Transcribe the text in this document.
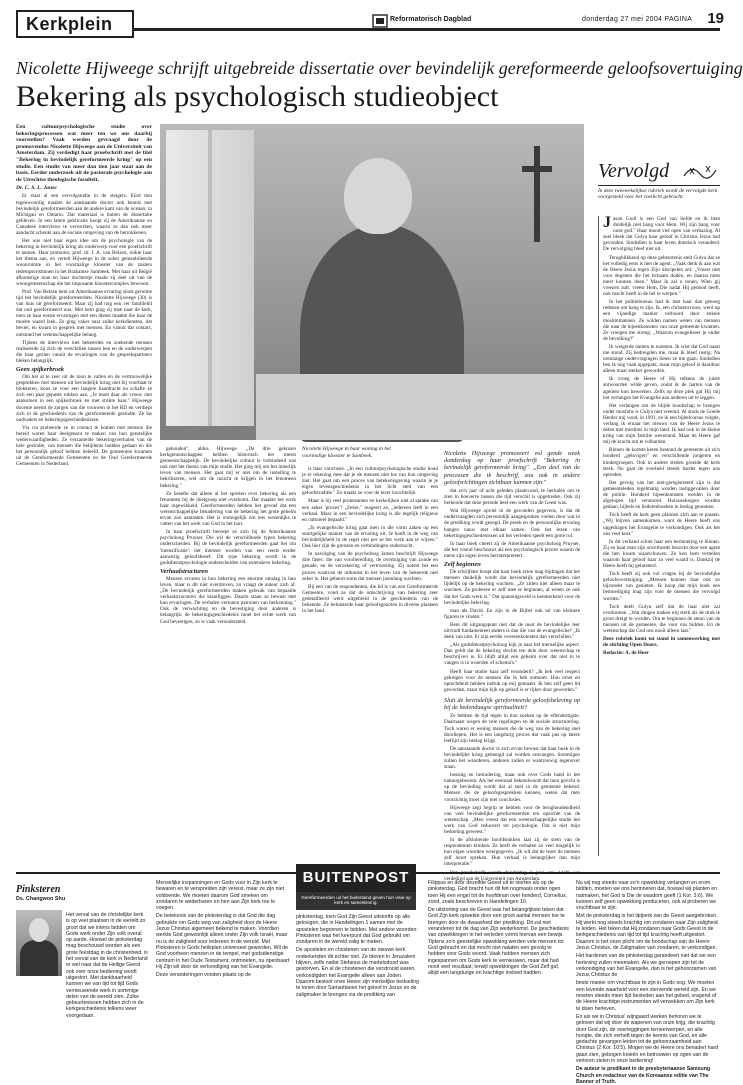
Kerkplein	Reformatorisch Dagblad	donderdag 27 mei 2004 PAGINA	19
Nicolette Hijweege schrijft uitgebreide dissertatie over bevindelijk gereformeerde geloofsovertuiging
Bekering als psychologisch studieobject

Een cultuurpsychologische studie over bekeringsprocessen wat meer ten we ons daarbij voorstellen? Vaak werden gevraagd door de promovendus Nicolette Hijweege aan de Universiteit van Amsterdam. Zij verdedigt haar proefschrift met de titel "Bekering in bevindelijk gereformeerde kring" op een studie. Een studie van meer dan tien jaar staat aan de basis. Eerder onderzoek uit de pastorale psychologie aan de Utrechtse theologische faculteit.

Dr. C. S. L. Janse

Er staat al een vervolgstudie in de steigers. Eind tien tegenwoordig maakte de aanstaande doctor ook kennis met bevindelijk gereformeerden aan de andere kant van de oceaan: in Michigan en Ontario. Dat materiaal is buiten de dissertatie gebleven. In een latere publicatie hoopt zij de Amerikaanse en Canadese interviews te verwerken, waarin ze dan ook meer aandacht schenkt aan de sociale omgeving van de betrokkenen.

Het was niet haar eigen idee om de psychologie van de bekering in bevindelijk kring als onderwerp voor een proefschrift te nemen. Haar promotor, prof. dr. J. A. van Belzen, reikte haar het thema aan, en vertelt Hijweege in de sober gemeubileerde woonruimte in het voormalige klooster van de zusters redemptoristinnen in het Brabantse Sambeek. Met haar uit België afkomstige man en haar dochtertje maakt zij deel uit van de woongemeenschap die het imposante kloostercomplex bewoont.

Prof. Van Belzen kent uit Amerikaanse ervaring sinds geruime tijd het bevindelijk gereformeerden. Nicolette Hijweege (30) is van huis uit gereformeerd. Maar zij had nog een ver familielid dat oud gereformeerd was. Met hem ging zij mee naar de kerk, toen ze haar eerste ervaringen met een dienst maakte die haar de moeite waard leek. Ze ging vaker naar zulke kerkdiensten, dat beviel, en kwam in gesprek met mensen. En vanuit dat contact, ontstond het wetenschappelijke belang.

Tijdens de interviews met bekeerden en zoekende mensen realiseerde zij zich de verschillen tussen hen en de onderwerpen die haar gezien vanuit de ervaringen van de gesprekspartners bleken belangrijk.

Geen spijkerbroek

Om het al te zeer uit de toon te vallen en de vertrouwelijke gesprekken met mensen uit bevindelijk kring niet bij voorbaat te blokkeren, koos ze voor een langere haardracht en schafte ze zich een paar gepaste rokken aan. „Je moet daar als vrouw niet aankomen in een spijkerbroek en met strikte haar." Hijweege docente neemt de zorgen van die vrouwen in het RD en verdiept zich in de geschiedenis van de gereformeerde gezindte. Ze las oudvaders en bekeringsgeschiedenissen.

Via via probeerde ze in contact te komen met mensen die bereid waren haar deelgenoot te maken van hun geestelijke wederwaardigheden. Ze verzamelde bekeringsverhalen van de hele gezindte, van mensen die belijdenis hadden gedaan en die het persoonlijk geloof hebben beleefd. De gemeenten kwamen uit de Gereformeerde Gemeenten en de Oud Gereformeerde Gemeenten in Nederland.

gehouden", aldus Hijweege. „De drie gekozen kerkgenootschappen hebben historisch het meest gemeenschappelijk. De bevindelijke cultuur is verbindend wat ook met het thema van mijn studie. Het ging mij om het innerlijk leven van mensen. Het gaat mij er niet om de instelling te bekritiseren, wel om de inzicht te krijgen in het fenomeen bekering."

Ze besefte dat alleen al het spreken over bekering als een fenomeen bij de doelgroep niet overkomt. Dat maakte het werk haar ingewikkeld. Gereformeerden hebben het gevoel dat een wetenschappelijke benadering van de bekering het grote geheim ervan zou aantasten. Het is onmogelijk om iets wezenlijks te vatten van het werk van God in het hart.

In haar proefschrift beroept ze zich bij de Amerikaanse psycholoog Pruyser. Die wil de verschillende typen bekering onderscheiden. Bij de bevindelijk gereformeerden gaat het om 'intensificatie': het intenser worden van een reeds eerder aanwezig geloofsbesef. Dit type bekering wordt in de godsdienstpsychologie onderscheiden van extensieve bekering.

Verhaalstructuren

Mensen ervaren in hun bekering een enorme omslag in hun leven, maar is dit niet overdreven, zo vraagt de auteur zich af. „De bevindelijk gereformeerden maken gebruik van bepaalde verhaalstructuren die klaarliggen. Daarin staan ze bewust met hun ervaringen. De verhalen vertonen patronen van herkenning." Ook de verwachting en de bevestiging door anderen is belangrijk: de bekeringsgeschiedenis moet het echte werk van God bevestigen, zo is vaak verondersteld.

is haar conclusie. „In een cultuurpsychologische studie houd je er rekening mee dat je de mensen niet los van hun omgeving ziet. Het gaat om een proces van betekenisgeving waarin je je eigen levensgeschiedenis in het licht stelt van een geloofstraditie." Zo maakt ze voor de lezer inzichtelijk.

Maar is bij veel protestanten en kerkelijken niet al sprake van een zeker 'proces'? „Zeker," reageert ze, „iedereen leeft in een verhaal. Maar in een bevindelijke kring is die tegelijk religieus en cultureel bepaald."

„In evangelische kring gaat men in die vorm zaken op een soortgelijke manier van de ervaring uit. Je hoeft in de weg van bevindelijkheid in de regel niet per se het werk aan te wijzen." Ook hier zijn de grenzen en verbindingen onderzocht.

In navolging van de psycholoog James beschrijft Hijweege drie fases: die van voorbereiding, de overtuiging van zonde en genade, en de verzekering of vertroosting. Zij noemt het een proces waarvan de uitkomst in het leven van de bekeerde niet zeker is. Het gebeurt soms dat mensen jarenlang wachten.

Bij een van de respondenten, die lid is van een Gereformeerde Gemeente, vond ze dat de omschrijving van bekering zeer gedetailleerd werd uitgebreid in de geschiedenis van de bekeerde. Ze beluisterde haar geloofsgenoten in diverse plaatsen in het land.

Nicolette Hijweege in haar woning in het voormalige klooster te Sambeek.	Nicolette Hijweege promoveert vol gende week donderdag op haar proefschrift "Bekering in bevindelijk gereformeerde kring". „Een deel van de processen die ik beschrijf, zou ook in andere geloofsrichtingen zichtbaar kunnen zijn."

dat zo'n jaar of acht geleden plaatsvond, te herhalen om te zien in hoeverre tussen die tijd verschil is opgetreden. Ook zij herkende dat deze periode heel een werk van de Geest was.

Wat Hijweege opviel in de gevonden gegevens, is dat de ondervraagden zich persoonlijk aangesproken voelen door wat in de prediking wordt gezegd. De preek en de persoonlijke ervaring hangen nauw met elkaar samen. Ook het lezen van bekeringsgeschiedenissen uit het verleden speelt een grote rol.

In haar boek citeert zij de Amerikaanse psycholoog Pruyser, die het vooral beschouwt als een psychologisch proces waarin de mens zijn eigen leven herinterpreteert.

Zelf beginnen

De schrijfster hoopt dat haar boek ertoe mag bijdragen dat het mensen duidelijk wordt dat bevindelijk gereformeerden niet lijdelijk op de bekering wachten. „Ze zitten niet alleen maar te wachten. Ze proberen er zelf mee te beginnen, al weten ze ook dat het Gods werk is." Dat spanningsveld is kenmerkend voor de bevindelijke beleving.

man als David. En zijn in de Bijbel ook tal van kleinere figuren te vinden."

Bent dit uitgangspunt niet dat de noot de bevindelijke leer uitvindt fundamenteel anders is dan die van de evangelische? „Ik denk van niet. Er zijn eerder overeenkomsten dan verschillen."

„Als godsdienstpsycholoog kijk je naar het menselijke aspect. Dan geldt dat de bekering slechts ten dele door wetenschap te beschrijven is. Er blijft altijd een geheim over dat niet in te vangen is in woorden of schema's."

Heeft haar studie haar zelf veranderd? „Ik heb veel respect gekregen voor de mensen die ik heb ontmoet. Hun ernst en oprechtheid hebben indruk op mij gemaakt. Ik ben zelf geen lid geworden, maar mijn kijk op geloof is er rijker door geworden."

Sluit de bevindelijk gereformeerde geloofsbeleving op bij de hedendaagse spiritualiteit?

Ze hebben de tijd tegen in hun zoeken op de elfendertigste. Daarnaast wegen de vele regelingen en de sociale structurering. Toch waren er weinig mensen die de weg van de bekering snel doorliepen. Het is een langdurig proces dat vaak pas op latere leeftijd zijn beslag krijgt.

De aanstaande doctor is zich ervan bewust dat haar boek in de bevindelijke kring gemengd zal worden ontvangen. Sommigen zullen het waarderen, anderen zullen er wantrouwig tegenover staan.

bossing en bestudering, maar ook over Gods hand in het natuurgebeuren. Als het eenmaal bekendwordt dat men gericht is op de bevinding wordt dat al snel in de gemeente bekend. Mensen die de geloofsgesprekken kennen, weten dat men voorzichtig moet zijn met conclusies.

Hijweege zegt begrip te hebben voor de terughoudendheid van veel bevindelijke gereformeerden ten opzichte van de wetenschap. „Men vreest dat een wetenschappelijke studie het werk van God reduceert tot psychologie. Dat is niet mijn bedoeling geweest."

In de afsluitende hoofdstukken laat zij de stem van de respondenten klinken. Ze heeft de verhalen zo veel mogelijk in hun eigen woorden weergegeven. „Ik wil dat de lezer de mensen zelf hoort spreken. Hun verhaal is belangrijker dan mijn interpretatie."

verdedigd aan de Universiteit van Amsterdam.

Vervolgd
In deze tweewekelijkse rubriek wordt de vervolgde kerk voorgesteld voor het voetlicht gebracht.

Jason Godi is een God van liefde en ik bent duidelijk niet bang voor Hem. Wij zijn bang voor onze god." Haar mond viel open van verbazing. Al snel bleek dat Gulya haar geloof in Christus Jezus had gevonden. Sindsdien is haar leven drastisch veranderd. De vervolging bleef niet uit.

Terugblikkend op deze gebeurtenis stelt Gulya dat ze het volledig eens is met de agent. „Vaak denk ik aan wat de Heere Jezus tegen Zijn discipelen zei: „Vreest niet voor degenen die het lichaam doden, en daarna niets meer kunnen doen." Maar ik zal u tonen, Wien gij vreezen zult: vreest Hem, Die nadat Hij gedood heeft, ook macht heeft in de hel te werpen."

In het politiebureau had ik met haar dan genoeg redenen om bang te zijn. Ik, een christenvrouw, werd op een vijandige manier verhoord door enkele moslimmannen. Ze wilden namen weten van mensen die naar de bijeenkomsten van onze gemeente kwamen. Ze vroegen me streng: „Waarom evangeliseer je onder de bevolking?"

Ik weigerde namen te noemen. Ik wist dat God naast me stond. Zij bedreigden me, maar ik bleef rustig. Na urenlange ondervragingen lieten ze me gaan. Sindsdien ben ik nog vaak opgepakt, maar mijn geloof is daardoor alleen maar sterker geworden.

Ik vroeg de Heere of Hij telkens de juiste antwoorden wilde geven, zodat ik de harten van de agenten kon bewerken. Zelfs op deze plek gaf Hij mij het verlangen het Evangelie aan anderen uit te leggen.

Het verlangen om de blijde boodschap te brengen onder moslims is Gulya niet vreemd. Al sinds de Goede Herder mij vond, in 1991, en ik een bijbelcursus volgde, verlang ik ernaar het nieuws van de Heere Jezus te delen met moslims in mijn land. Ik had ook in de kleine kring van mijn familie weerstand. Maar de Heere gaf mij de kracht om te volharden.

Binnen de kortste keren bestond de gemeente uit zo'n honderd „gelovigen" en verschillende jongeren en kindergroepen. Ook in andere steden groeide de kerk sterk. Nu gaat de overheid steeds harder tegen ons optreden.

Het gevolg van het niet-geregistreerd zijn is dat gemeenteleden regelmatig worden lastiggevallen door de politie. Honderd bijeenkomsten werden in de afgelopen tijd verstoord. Huiszoekingen worden gedaan, bijbels en liederenboeken in beslag genomen.

Toch heeft de kerk geen plannen zich aan te passen. „Wij blijven samenkomen, want de Heere heeft ons opgedragen het Evangelie te verkondigen. Ook als het ons veel kost."

In dit verband schiet haar een herinnering te binnen. Zij en haar man zijn onverhoeds bezocht door een agent die hen kwam waarschuwen. Ze kon hem vertellen waarom haar geloof haar zo veel waard is. Dankzij de Heere heeft hij geluisterd.

Toch heeft zij ook vol vragen bij de bevindelijke geloofsovertuiging. „Mensen kunnen daar ook zo bijzonder van genieten. Ik hoop dat mijn boek een bemoediging mag zijn voor de mensen die vervolgd worden."

Toch deelt Gulya zelf dat de haar niet zal overkomen. „Wat dingen maken mij sterk als de druk te groot dreigt te worden. Om te beginnen de steun van de mensen uit de gemeente, die voor ons bidden. En de wetenschap dat God ons nooit alleen laat."

Deze rubriek komt tot stand in samenwerking met de stichting Open Doors.

Redactie: A. de Heer

BUITENPOST
Gereformeerden uit het buitenland geven hun visie op kerk en samenleving.
Pinksteren
Ds. Changwon Shu

Het verval van de christelijke kerk is op veel plaatsen in de wereld zo groot dat we intens bidden om Gods werk onder Zijn volk overal op aarde. Hoewel de pinksterdag mag beschouwd worden als een grote feestdag in de christenheid, is het verval van de kerk in Nederland er wel naar dat de Heilige Geest ook over onze bediening wordt uitgestort. Met dankbaarheid kunnen we van tijd tot tijd Gods vernieuwende werk in sommige delen van de wereld zien. Zulke gebeurtenissen hebben zich in de kerkgeschiedenis telkens weer voorgedaan.

Menselijke inspanningen en Gods vuur in Zijn kerk te bewaren en te verspreiden zijn vereist, maar ze zijn niet voldoende. We moeten daarom God smeken om zondaren te wederbaren en hen aan Zijn kerk toe te voegen.

De betekenis van de pinksterdag is dat God die dag gebruikte om Gods weg van zaligheid door de Heere Jezus Christus algemeen bekend te maken. Voordien werkte God gewoonlijk alleen onder Zijn volk Israël, maar nu is de zaligheid voor iedereen in de wereld. Met Pinksteren is Gods heilsplan universeel geworden. Wil de God voorheen mensen in de tempel, met godsdienstige centrum in het Oude Testament, ontmoeten, nu openbaart Hij Zijn wil door de verkondiging van het Evangelie.

Deze veranderingen vonden plaats op de

pinksterdag, toen God Zijn Geest uitstortte op alle gelovigen, die in Handelingen 1 samen met de apostelen begonnen te bidden. Met andere woorden: Pinksteren was het keerpunt dat God gebruikt om zondaren in de wereld zalig te maken.

De apostelen en christenen van de nieuwe kerk onderkenden dit echter niet. Ze bleven in Jeruzalem blijven, zelfs nadat Stefanus de martelodood was gestorven. En al de christenen die verstrooid waren, verkondigden het Evangelie alleen aan Joden. Daarom besloot onze Heere zijn merkelijke bedoeling te tonen door Samaritanen het geloof in Jezus en de zaligmaker te brengen via de prediking van

Filippus en door dezelfde Geest uit te storten als op de pinksterdag. God bracht hun dit feit nogmaals onder ogen toen Hij een engel tot de hoofdman over honderd, Cornelius, zond, zoals beschreven in Handelingen 10.

De uitstorting van de Geest was het belangrijkste teken dat God Zijn kerk opwekte door een groot aantal mensen toe te brengen door de dwaasheid der prediking. Dit zal niet veranderen tot de dag van Zijn wederkomst. De geschiedenis van opwekkingen in het verleden vormt hiervan een bewijs. Tijdens zo'n geestelijke opwekking werden vele mensen tot God gebracht en dat mocht niet nalaten een gevolg te hebben voor Gods woord. Vaak hebben mensen zich ingespannen om Gods kerk te vernieuwen, maar dat had nooit veel resultaat; terwijl opwekkingen die God Zelf gaf, altijd een langdurige en krachtige invloed hadden.

Nu wij nog steeds naar zo'n opwekking verlangen en erom bidden, moeten we ons herinneren dat, hoewel wij planten en natmaken, het God is Die de wasdom geeft (1 Kor. 3:6). We kunnen zelf geen opwekking produceren, ook al proberen we vruchtbaar te zijn.

Met de pinksterdag is het tijdperk van de Geest aangebroken. Hij werkt nog steeds krachtig om zondaren naar Zijn zaligheid te leiden. Het teken dat Hij zondaren naar Gods Geest in de kerkgeschiedenis van tijd tot tijd krachtig heeft uitgestort. Daarom is het onze plicht om de boodschap van de Heere Jezus Christus, de Zaligmaker van zondaren, te verkondigen.

Het hardenen van de pinksterdag garandeert niet dat we een herleving zullen meemaken. Als we geroepen zijn tot de verkondiging van het Evangelie, dan is het gehoorzamen van Jezus Christus de

beste manier om vruchtbaar te zijn in Gods oog. We moeten een levende waarheid voor een stervende wereld zijn. En we moeten steeds meer tijd besteden aan het gebed, vragend of de Heere krachtige instrumenten wil verwekken om Zijn kerk te doen herleven.

En als we in Christus' wijngaard werken behoren we te geloven dat wij door de wapenen van onze krijg, die krachtig door God zijn, de overleggingen terneerwerpen, en alle hoogte, die zich verheft tegen de kennis van God, en alle gedachte gevangen leiden tot de gehoorzaamheid aan Christus (2 Kor. 10:5). Mogen we de Heere ons benadert hard gaan zien, gebogen knieën en betrouwen op ogen van de verloren zielen in onze bediening!

De auteur is predikant in de presbyteriaanse Samsung Church en redacteur van de Koreaanse editie van The Banner of Truth.
